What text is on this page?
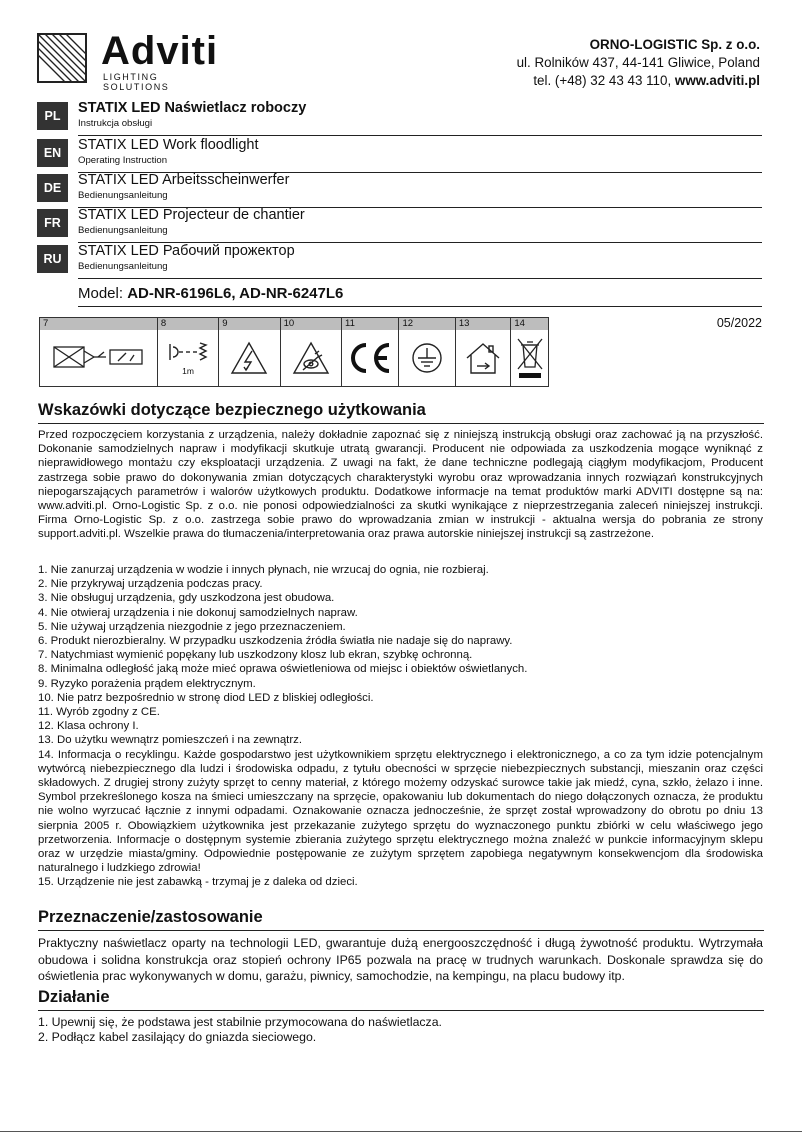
Adviti
LIGHTING SOLUTIONS
ORNO-LOGISTIC Sp. z o.o.
ul. Rolników 437, 44-141 Gliwice, Poland
tel. (+48) 32 43 43 110, www.adviti.pl
PL	STATIX LED Naświetlacz roboczy
Instrukcja obsługi
EN	STATIX LED Work floodlight
Operating Instruction
DE	STATIX LED Arbeitsscheinwerfer
Bedienungsanleitung
FR	STATIX LED Projecteur de chantier
Bedienungsanleitung
RU	STATIX LED Рабочий прожектор
Bedienungsanleitung
Model: AD-NR-6196L6, AD-NR-6247L6
7	8
1m
9	10	11	12	13	14	05/2022
Wskazówki dotyczące bezpiecznego użytkowania
Przed rozpoczęciem korzystania z urządzenia, należy dokładnie zapoznać się z niniejszą instrukcją obsługi oraz zachować ją na przyszłość. Dokonanie samodzielnych napraw i modyfikacji skutkuje utratą gwarancji. Producent nie odpowiada za uszkodzenia mogące wyniknąć z nieprawidłowego montażu czy eksploatacji urządzenia. Z uwagi na fakt, że dane techniczne podlegają ciągłym modyfikacjom, Producent zastrzega sobie prawo do dokonywania zmian dotyczących charakterystyki wyrobu oraz wprowadzania innych rozwiązań konstrukcyjnych niepogarszających parametrów i walorów użytkowych produktu. Dodatkowe informacje na temat produktów marki ADVITI dostępne są na: www.adviti.pl. Orno-Logistic Sp. z o.o. nie ponosi odpowiedzialności za skutki wynikające z nieprzestrzegania zaleceń niniejszej instrukcji. Firma Orno-Logistic Sp. z o.o. zastrzega sobie prawo do wprowadzania zmian w instrukcji - aktualna wersja do pobrania ze strony support.adviti.pl. Wszelkie prawa do tłumaczenia/interpretowania oraz prawa autorskie niniejszej instrukcji są zastrzeżone.
1. Nie zanurzaj urządzenia w wodzie i innych płynach, nie wrzucaj do ognia, nie rozbieraj.
2. Nie przykrywaj urządzenia podczas pracy.
3. Nie obsługuj urządzenia, gdy uszkodzona jest obudowa.
4. Nie otwieraj urządzenia i nie dokonuj samodzielnych napraw.
5. Nie używaj urządzenia niezgodnie z jego przeznaczeniem.
6. Produkt nierozbieralny. W przypadku uszkodzenia źródła światła nie nadaje się do naprawy.
7. Natychmiast wymienić popękany lub uszkodzony klosz lub ekran, szybkę ochronną.
8. Minimalna odległość jaką może mieć oprawa oświetleniowa od miejsc i obiektów oświetlanych.
9. Ryzyko porażenia prądem elektrycznym.
10. Nie patrz bezpośrednio w stronę diod LED z bliskiej odległości.
11. Wyrób zgodny z CE.
12. Klasa ochrony I.
13. Do użytku wewnątrz pomieszczeń i na zewnątrz.
14. Informacja o recyklingu. Każde gospodarstwo jest użytkownikiem sprzętu elektrycznego i elektronicznego, a co za tym idzie potencjalnym wytwórcą niebezpiecznego dla ludzi i środowiska odpadu, z tytułu obecności w sprzęcie niebezpiecznych substancji, mieszanin oraz części składowych. Z drugiej strony zużyty sprzęt to cenny materiał, z którego możemy odzyskać surowce takie jak miedź, cyna, szkło, żelazo i inne. Symbol przekreślonego kosza na śmieci umieszczany na sprzęcie, opakowaniu lub dokumentach do niego dołączonych oznacza, że produktu nie wolno wyrzucać łącznie z innymi odpadami. Oznakowanie oznacza jednocześnie, że sprzęt został wprowadzony do obrotu po dniu 13 sierpnia 2005 r. Obowiązkiem użytkownika jest przekazanie zużytego sprzętu do wyznaczonego punktu zbiórki w celu właściwego jego przetworzenia. Informacje o dostępnym systemie zbierania zużytego sprzętu elektrycznego można znaleźć w punkcie informacyjnym sklepu oraz w urzędzie miasta/gminy. Odpowiednie postępowanie ze zużytym sprzętem zapobiega negatywnym konsekwencjom dla środowiska naturalnego i ludzkiego zdrowia!
15. Urządzenie nie jest zabawką - trzymaj je z daleka od dzieci.
Przeznaczenie/zastosowanie
Praktyczny naświetlacz oparty na technologii LED, gwarantuje dużą energooszczędność i długą żywotność produktu. Wytrzymała obudowa i solidna konstrukcja oraz stopień ochrony IP65 pozwala na pracę w trudnych warunkach. Doskonale sprawdza się do oświetlenia prac wykonywanych w domu, garażu, piwnicy, samochodzie, na kempingu, na placu budowy itp.
Działanie
1. Upewnij się, że podstawa jest stabilnie przymocowana do naświetlacza.
2. Podłącz kabel zasilający do gniazda sieciowego.
